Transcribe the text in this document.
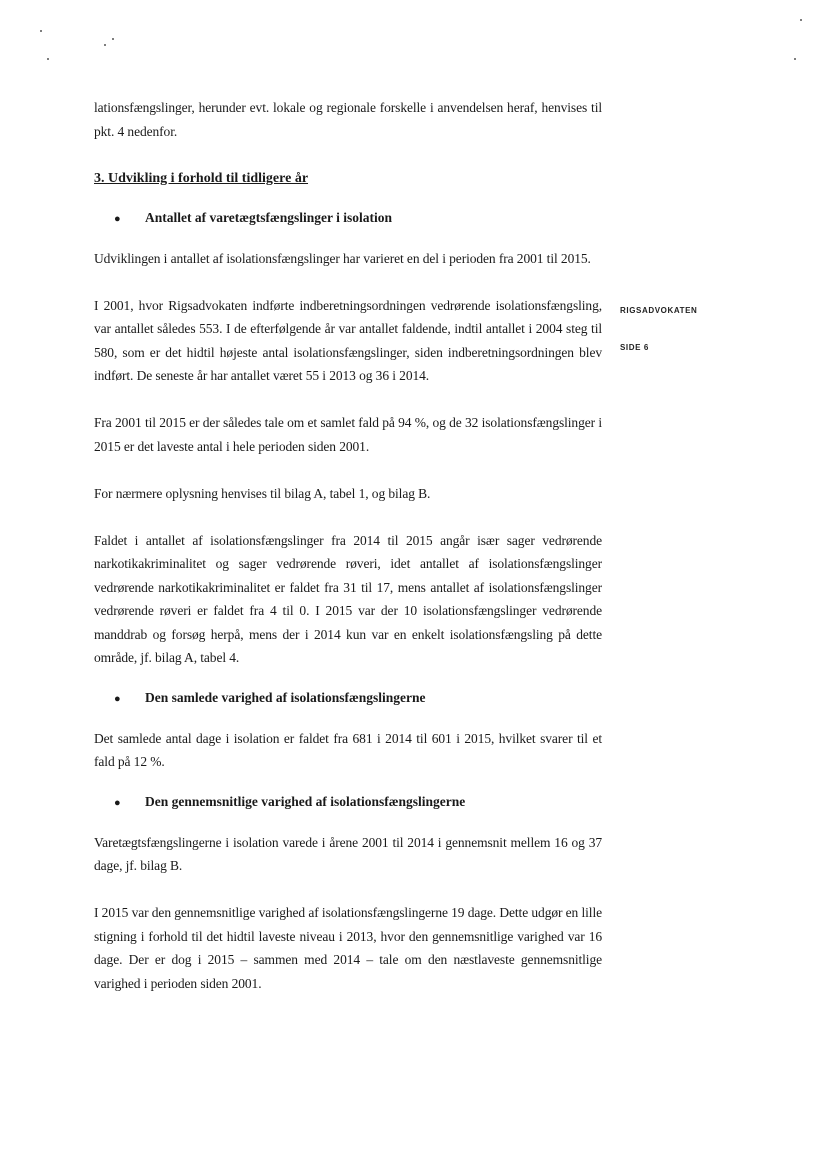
RIGSADVOKATEN
SIDE 6

lationsfængslinger, herunder evt. lokale og regionale forskelle i anvendelsen heraf, henvises til pkt. 4 nedenfor.

3. Udvikling i forhold til tidligere år
●	Antallet af varetægtsfængslinger i isolation

Udviklingen i antallet af isolationsfængslinger har varieret en del i perioden fra 2001 til 2015.

I 2001, hvor Rigsadvokaten indførte indberetningsordningen vedrørende isolationsfængsling, var antallet således 553. I de efterfølgende år var antallet faldende, indtil antallet i 2004 steg til 580, som er det hidtil højeste antal isolationsfængslinger, siden indberetningsordningen blev indført. De seneste år har antallet været 55 i 2013 og 36 i 2014.

Fra 2001 til 2015 er der således tale om et samlet fald på 94 %, og de 32 isolationsfængslinger i 2015 er det laveste antal i hele perioden siden 2001.

For nærmere oplysning henvises til bilag A, tabel 1, og bilag B.

Faldet i antallet af isolationsfængslinger fra 2014 til 2015 angår især sager vedrørende narkotikakriminalitet og sager vedrørende røveri, idet antallet af isolationsfængslinger vedrørende narkotikakriminalitet er faldet fra 31 til 17, mens antallet af isolationsfængslinger vedrørende røveri er faldet fra 4 til 0. I 2015 var der 10 isolationsfængslinger vedrørende manddrab og forsøg herpå, mens der i 2014 kun var en enkelt isolationsfængsling på dette område, jf. bilag A, tabel 4.

●	Den samlede varighed af isolationsfængslingerne

Det samlede antal dage i isolation er faldet fra 681 i 2014 til 601 i 2015, hvilket svarer til et fald på 12 %.

●	Den gennemsnitlige varighed af isolationsfængslingerne

Varetægtsfængslingerne i isolation varede i årene 2001 til 2014 i gennemsnit mellem 16 og 37 dage, jf. bilag B.

I 2015 var den gennemsnitlige varighed af isolationsfængslingerne 19 dage. Dette udgør en lille stigning i forhold til det hidtil laveste niveau i 2013, hvor den gennemsnitlige varighed var 16 dage. Der er dog i 2015 – sammen med 2014 – tale om den næstlaveste gennemsnitlige varighed i perioden siden 2001.
